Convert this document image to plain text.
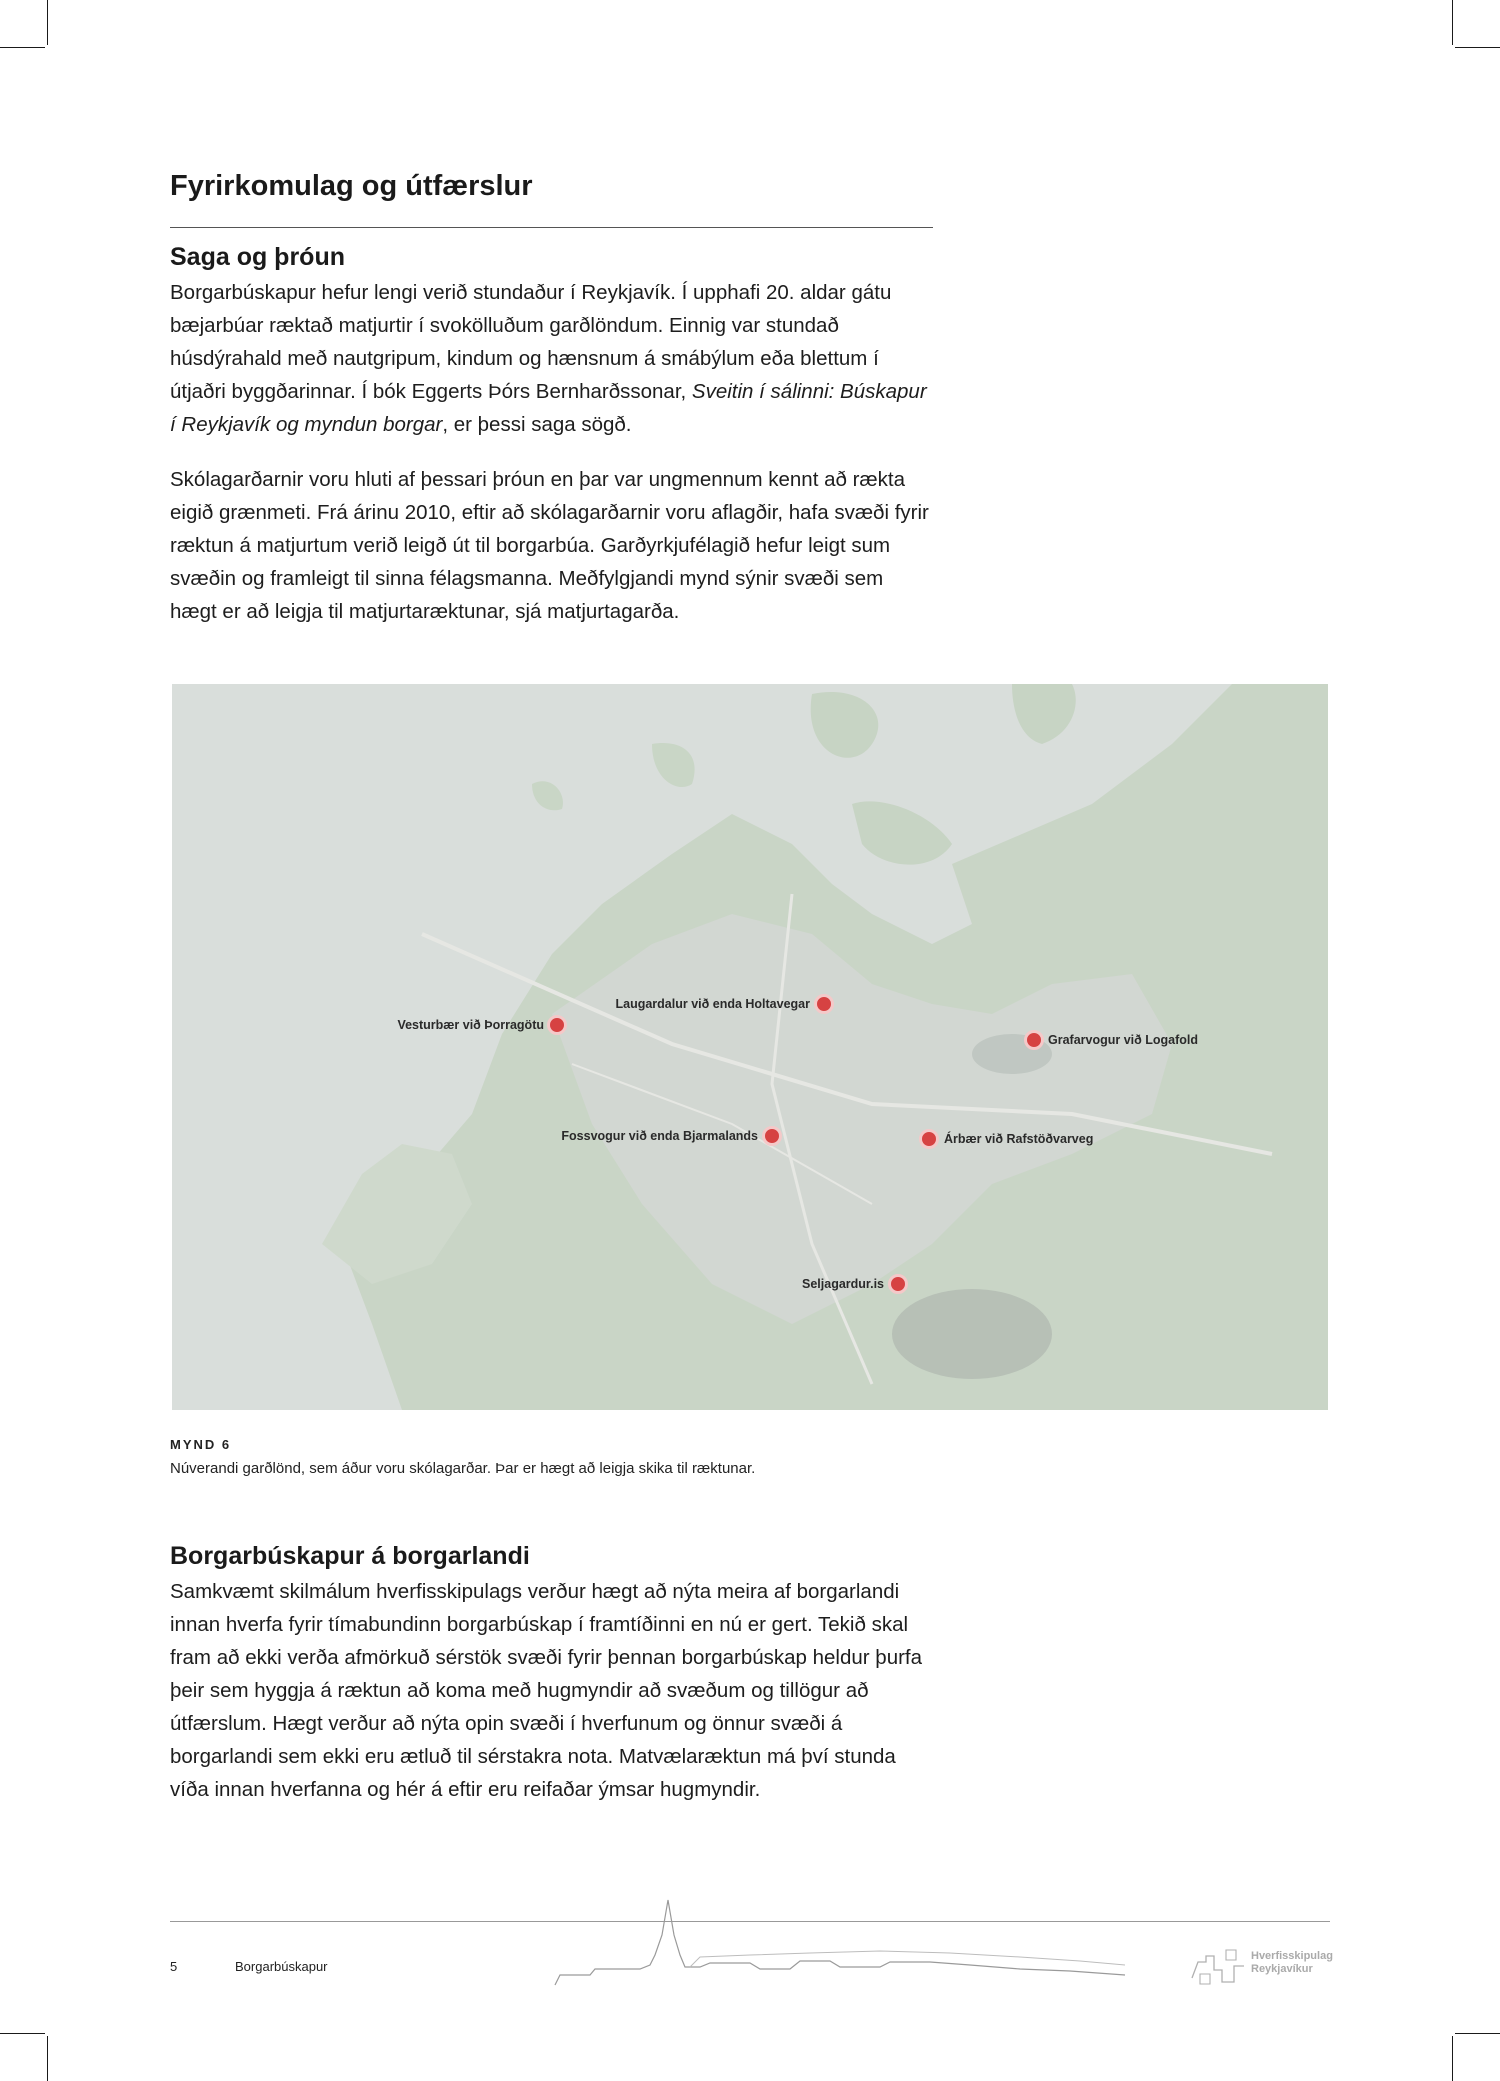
Fyrirkomulag og útfærslur
Saga og þróun

Borgarbúskapur hefur lengi verið stundaður í Reykjavík. Í upphafi 20. aldar gátu bæjarbúar ræktað matjurtir í svokölluðum garðlöndum. Einnig var stundað húsdýrahald með nautgripum, kindum og hænsnum á smábýlum eða blettum í útjaðri byggðarinnar. Í bók Eggerts Þórs Bernharðssonar, Sveitin í sálinni: Búskapur í Reykjavík og myndun borgar, er þessi saga sögð.

Skólagarðarnir voru hluti af þessari þróun en þar var ungmennum kennt að rækta eigið grænmeti. Frá árinu 2010, eftir að skólagarðarnir voru aflagðir, hafa svæði fyrir ræktun á matjurtum verið leigð út til borgarbúa. Garðyrkjufélagið hefur leigt sum svæðin og framleigt til sinna félagsmanna. Meðfylgjandi mynd sýnir svæði sem hægt er að leigja til matjurtaræktunar, sjá matjurtagarða.

Vesturbær við Þorragötu
Laugardalur við enda Holtavegar
Grafarvogur við Logafold
Fossvogur við enda Bjarmalands	Árbær við Rafstöðvarveg
Seljagardur.is
MYND 6
Núverandi garðlönd, sem áður voru skólagarðar. Þar er hægt að leigja skika til ræktunar.
Borgarbúskapur á borgarlandi

Samkvæmt skilmálum hverfisskipulags verður hægt að nýta meira af borgarlandi innan hverfa fyrir tímabundinn borgarbúskap í framtíðinni en nú er gert. Tekið skal fram að ekki verða afmörkuð sérstök svæði fyrir þennan borgarbúskap heldur þurfa þeir sem hyggja á ræktun að koma með hugmyndir að svæðum og tillögur að útfærslum. Hægt verður að nýta opin svæði í hverfunum og önnur svæði á borgarlandi sem ekki eru ætluð til sérstakra nota. Matvælaræktun má því stunda víða innan hverfanna og hér á eftir eru reifaðar ýmsar hugmyndir.

5	Borgarbúskapur
Hverfisskipulag
Reykjavíkur
